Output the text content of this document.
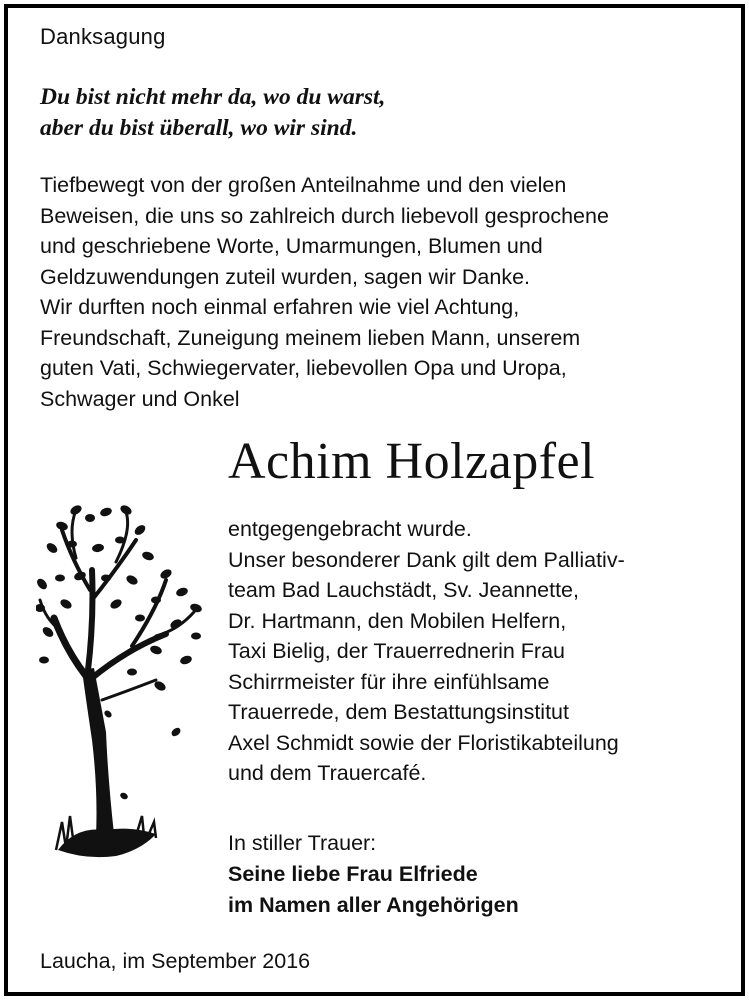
Danksagung
Du bist nicht mehr da, wo du warst,
aber du bist überall, wo wir sind.
Tiefbewegt von der großen Anteilnahme und den vielen
Beweisen, die uns so zahlreich durch liebevoll gesprochene
und geschriebene Worte, Umarmungen, Blumen und
Geldzuwendungen zuteil wurden, sagen wir Danke.
Wir durften noch einmal erfahren wie viel Achtung,
Freundschaft, Zuneigung meinem lieben Mann, unserem
guten Vati, Schwiegervater, liebevollen Opa und Uropa,
Schwager und Onkel
Achim Holzapfel
entgegengebracht wurde.
Unser besonderer Dank gilt dem Palliativ-
team Bad Lauchstädt, Sv. Jeannette,
Dr. Hartmann, den Mobilen Helfern,
Taxi Bielig, der Trauerrednerin Frau
Schirrmeister für ihre einfühlsame
Trauerrede, dem Bestattungsinstitut
Axel Schmidt sowie der Floristikabteilung
und dem Trauercafé.
In stiller Trauer:
Seine liebe Frau Elfriede
im Namen aller Angehörigen
Laucha, im September 2016
